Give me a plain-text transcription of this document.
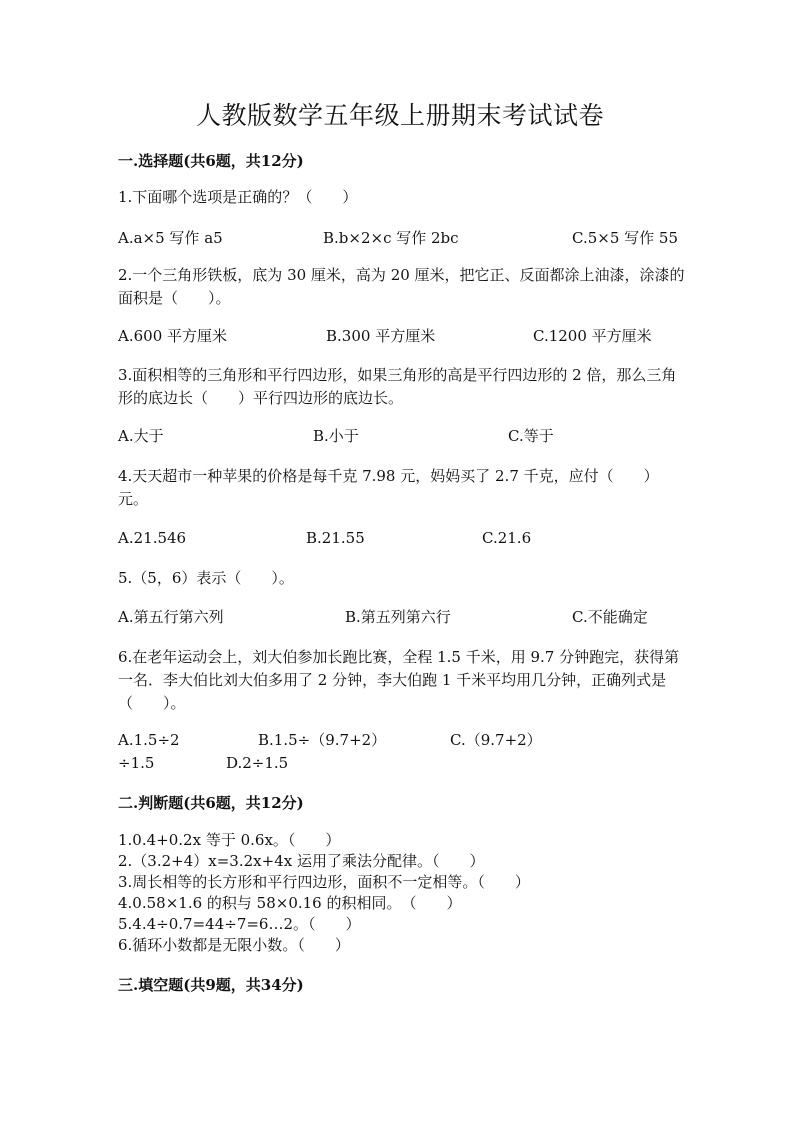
人教版数学五年级上册期末考试试卷
一.选择题(共6题，共12分)
1.下面哪个选项是正确的？（　　）
A.a×5 写作 a5	B.b×2×c 写作 2bc	C.5×5 写作 55
2.一个三角形铁板，底为 30 厘米，高为 20 厘米，把它正、反面都涂上油漆，涂漆的面积是（　　）。
A.600 平方厘米	B.300 平方厘米	C.1200 平方厘米
3.面积相等的三角形和平行四边形，如果三角形的高是平行四边形的 2 倍，那么三角形的底边长（　　）平行四边形的底边长。
A.大于	B.小于	C.等于
4.天天超市一种苹果的价格是每千克 7.98 元，妈妈买了 2.7 千克，应付（　　）元。
A.21.546	B.21.55	C.21.6
5.（5，6）表示（　　）。
A.第五行第六列	B.第五列第六行	C.不能确定
6.在老年运动会上，刘大伯参加长跑比赛，全程 1.5 千米，用 9.7 分钟跑完，获得第一名．李大伯比刘大伯多用了 2 分钟，李大伯跑 1 千米平均用几分钟，正确列式是（　　）。
A.1.5÷2	B.1.5÷（9.7+2）	C.（9.7+2）
÷1.5	D.2÷1.5
二.判断题(共6题，共12分)
1.0.4+0.2x 等于 0.6x。（　　）
2.（3.2+4）x=3.2x+4x 运用了乘法分配律。（　　）
3.周长相等的长方形和平行四边形，面积不一定相等。（　　）
4.0.58×1.6 的积与 58×0.16 的积相同。　（　　）
5.4.4÷0.7=44÷7=6…2。（　　）
6.循环小数都是无限小数。（　　）
三.填空题(共9题，共34分)
